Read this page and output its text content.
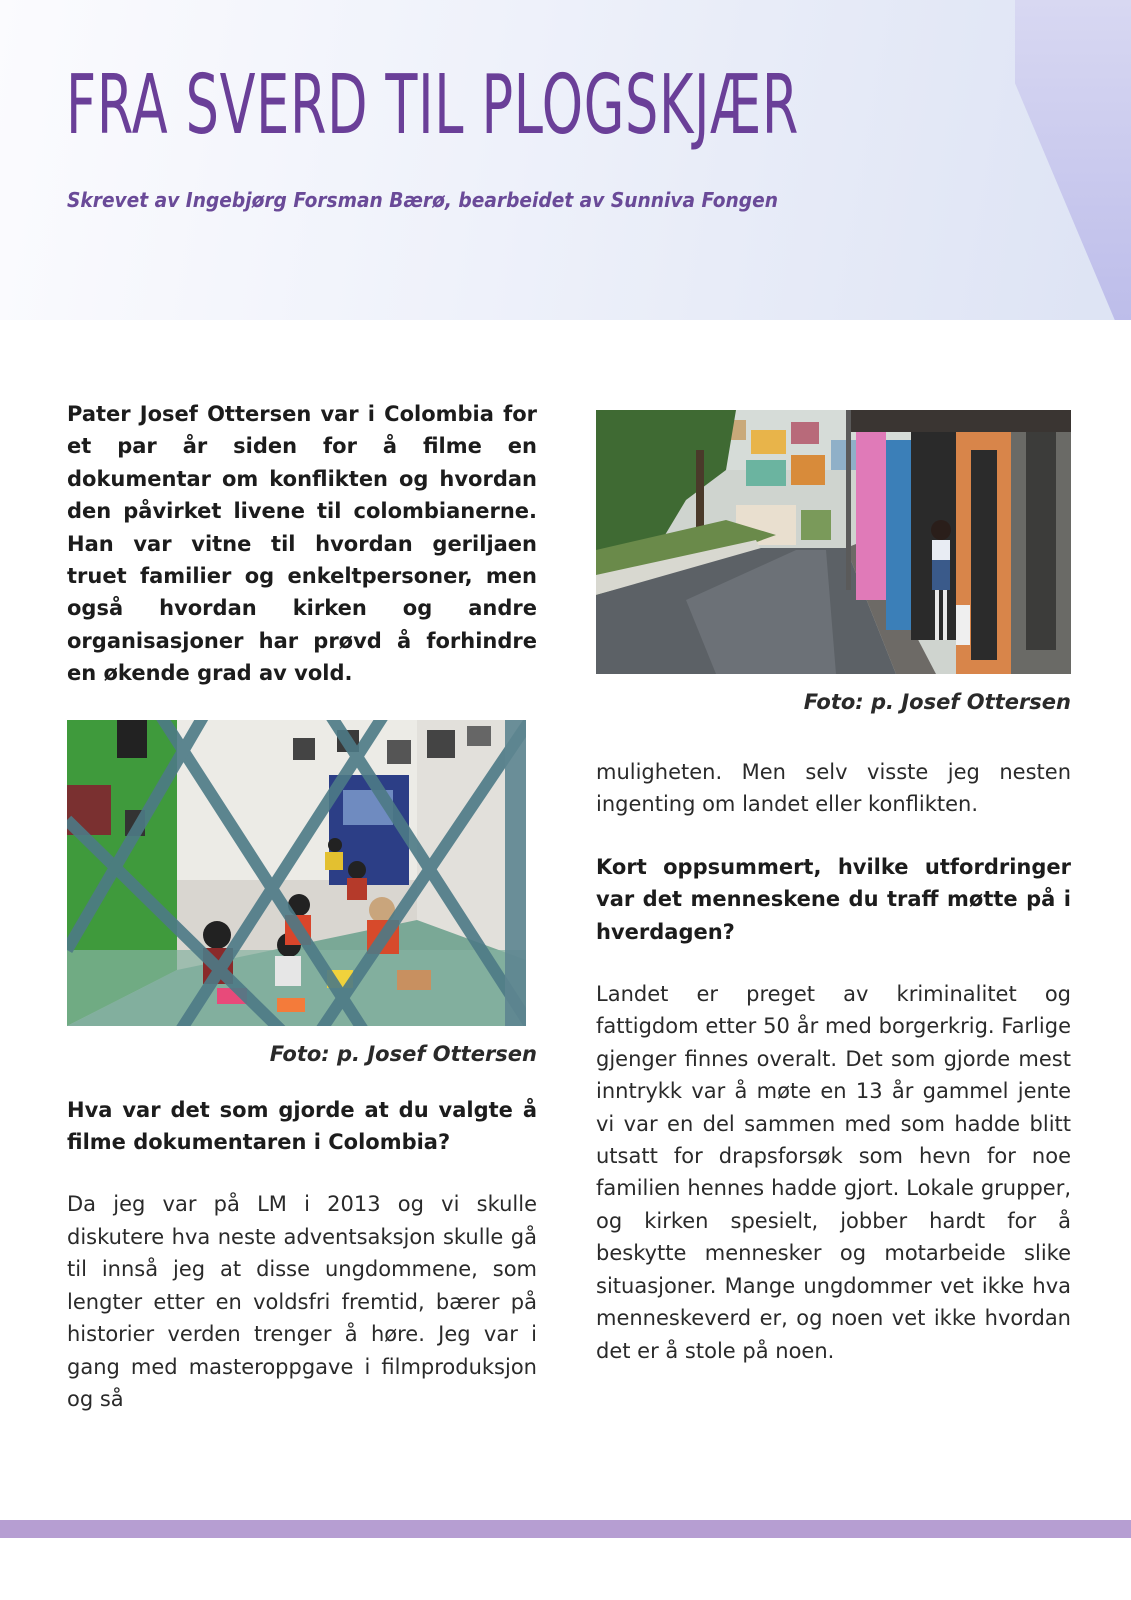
FRA SVERD TIL PLOGSKJÆR

Skrevet av Ingebjørg Forsman Bærø, bearbeidet av Sunniva Fongen

Pater Josef Ottersen var i Colombia for et par år siden for å filme en dokumentar om konflikten og hvordan den påvirket livene til colombianerne. Han var vitne til hvordan geriljaen truet familier og enkeltpersoner, men også hvordan kirken og andre organisasjoner har prøvd å forhindre en økende grad av vold.

Foto: p. Josef Ottersen

Hva var det som gjorde at du valgte å filme dokumentaren i Colombia?

Da jeg var på LM i 2013 og vi skulle diskutere hva neste adventsaksjon skulle gå til innså jeg at disse ungdommene, som lengter etter en voldsfri fremtid, bærer på historier verden trenger å høre. Jeg var i gang med masteroppgave i filmproduksjon og så

Foto: p. Josef Ottersen

muligheten. Men selv visste jeg nesten ingenting om landet eller konflikten.

Kort oppsummert, hvilke utfordringer var det menneskene du traff møtte på i hverdagen?

Landet er preget av kriminalitet og fattigdom etter 50 år med borgerkrig. Farlige gjenger finnes overalt. Det som gjorde mest inntrykk var å møte en 13 år gammel jente vi var en del sammen med som hadde blitt utsatt for drapsforsøk som hevn for noe familien hennes hadde gjort. Lokale grupper, og kirken spesielt, jobber hardt for å beskytte mennesker og motarbeide slike situasjoner. Mange ungdommer vet ikke hva menneskeverd er, og noen vet ikke hvordan det er å stole på noen.
